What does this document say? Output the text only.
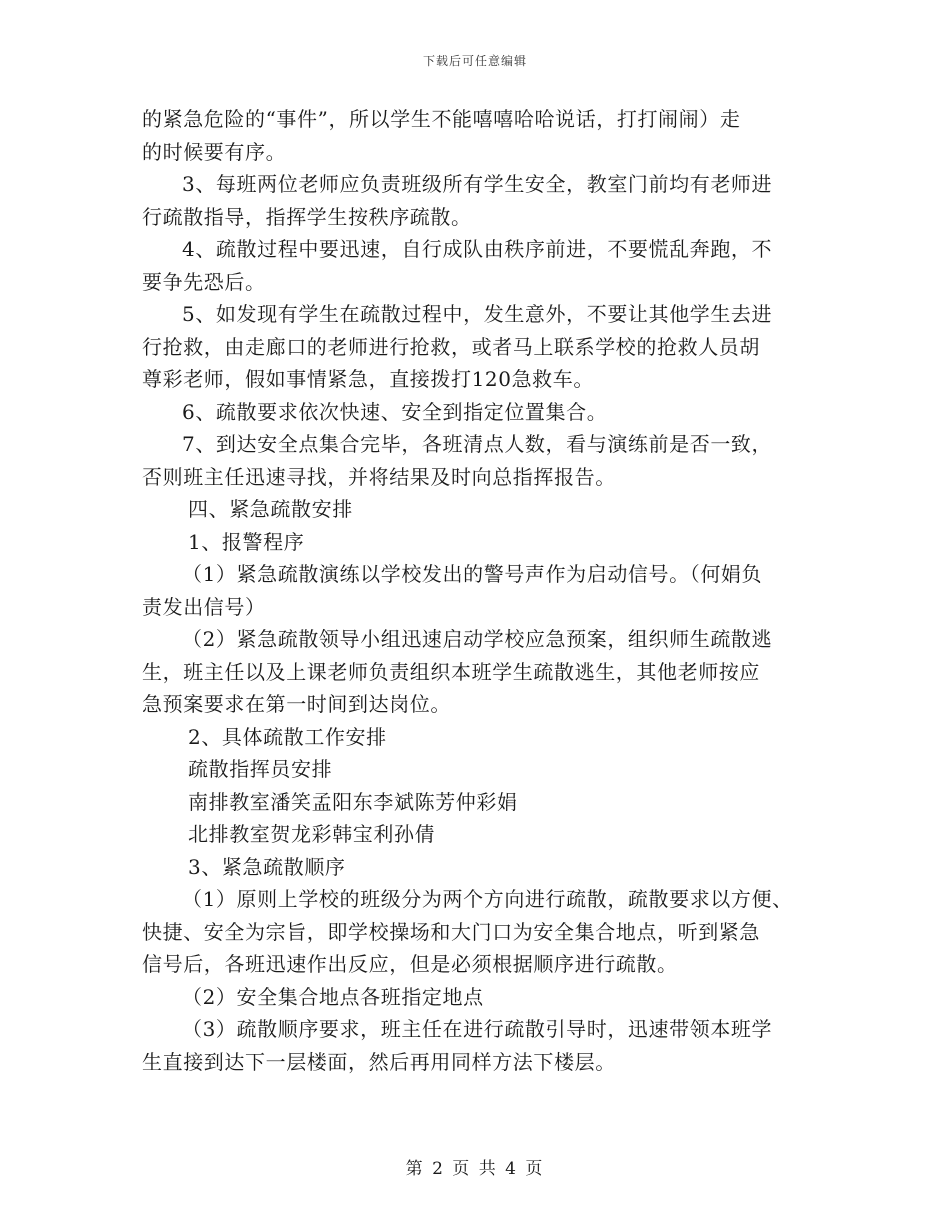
下载后可任意编辑
的紧急危险的“事件”，所以学生不能嘻嘻哈哈说话，打打闹闹）走
的时候要有序。
3、每班两位老师应负责班级所有学生安全，教室门前均有老师进
行疏散指导，指挥学生按秩序疏散。
4、疏散过程中要迅速，自行成队由秩序前进，不要慌乱奔跑，不
要争先恐后。
5、如发现有学生在疏散过程中，发生意外，不要让其他学生去进
行抢救，由走廊口的老师进行抢救，或者马上联系学校的抢救人员胡
尊彩老师，假如事情紧急，直接拨打120急救车。
6、疏散要求依次快速、安全到指定位置集合。
7、到达安全点集合完毕，各班清点人数，看与演练前是否一致，
否则班主任迅速寻找，并将结果及时向总指挥报告。
四、紧急疏散安排
1、报警程序
（1）紧急疏散演练以学校发出的警号声作为启动信号。（何娟负
责发出信号）
（2）紧急疏散领导小组迅速启动学校应急预案，组织师生疏散逃
生，班主任以及上课老师负责组织本班学生疏散逃生，其他老师按应
急预案要求在第一时间到达岗位。
2、具体疏散工作安排
疏散指挥员安排
南排教室潘笑孟阳东李斌陈芳仲彩娟
北排教室贺龙彩韩宝利孙倩
3、紧急疏散顺序
（1）原则上学校的班级分为两个方向进行疏散，疏散要求以方便、
快捷、安全为宗旨，即学校操场和大门口为安全集合地点，听到紧急
信号后，各班迅速作出反应，但是必须根据顺序进行疏散。
（2）安全集合地点各班指定地点
（3）疏散顺序要求，班主任在进行疏散引导时，迅速带领本班学
生直接到达下一层楼面，然后再用同样方法下楼层。
第 2 页 共 4 页
